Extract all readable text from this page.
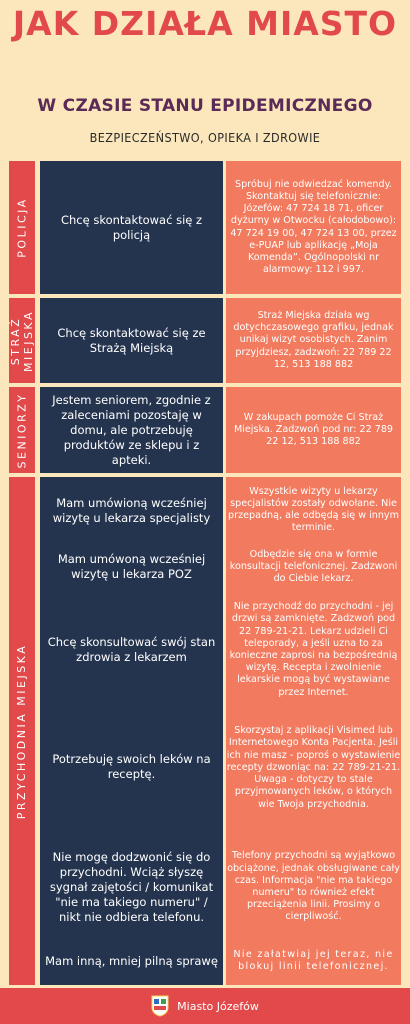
JAK DZIAŁA MIASTO
W CZASIE STANU EPIDEMICZNEGO
BEZPIECZEŃSTWO, OPIEKA I ZDROWIE
POLICJA
STRAŻ
MIEJSKA
SENIORZY
PRZYCHODNIA MIEJSKA
Chcę skontaktować się z policją
Chcę skontaktować się ze Strażą Miejską
Jestem seniorem, zgodnie z zaleceniami pozostaję w domu, ale potrzebuję produktów ze sklepu i z apteki.
Mam umówioną wcześniej wizytę u lekarza specjalisty
Mam umówoną wcześniej wizytę u lekarza POZ
Chcę skonsultować swój stan zdrowia z lekarzem
Potrzebuję swoich leków na receptę.
Nie mogę dodzwonić się do przychodni. Wciąż słyszę sygnał zajętości / komunikat "nie ma takiego numeru" / nikt nie odbiera telefonu.
Mam inną, mniej pilną sprawę
Spróbuj nie odwiedzać komendy. Skontaktuj się telefonicznie: Józefów: 47 724 18 71, oficer dyżurny w Otwocku (całodobowo): 47 724 19 00, 47 724 13 00, przez e-PUAP lub aplikację „Moja Komenda”. Ogólnopolski nr alarmowy: 112 i 997.
Straż Miejska działa wg dotychczasowego grafiku, jednak unikaj wizyt osobistych. Zanim przyjdziesz, zadzwoń: 22 789 22 12, 513 188 882
W zakupach pomoże Ci Straż Miejska. Zadzwoń pod nr: 22 789 22 12, 513 188 882
Wszystkie wizyty u lekarzy specjalistów zostały odwołane. Nie przepadną, ale odbędą się w innym terminie.
Odbędzie się ona w formie konsultacji telefonicznej. Zadzwoni do Ciebie lekarz.
Nie przychodź do przychodni - jej drzwi są zamknięte. Zadzwoń pod 22 789-21-21. Lekarz udzieli Ci teleporady, a jeśli uzna to za konieczne zaprosi na bezpośrednią wizytę. Recepta i zwolnienie lekarskie mogą być wystawiane przez Internet.
Skorzystaj z aplikacji Visimed lub Internetowego Konta Pacjenta. Jeśli ich nie masz - poproś o wystawienie recepty dzwoniąc na: 22 789-21-21. Uwaga - dotyczy to stale przyjmowanych leków, o których wie Twoja przychodnia.
Telefony przychodni są wyjątkowo obciążone, jednak obsługiwane cały czas. Informacja "nie ma takiego numeru" to również efekt przeciążenia linii. Prosimy o cierpliwość.
Nie załatwiaj jej teraz, nie blokuj linii telefonicznej.
Miasto Józefów
